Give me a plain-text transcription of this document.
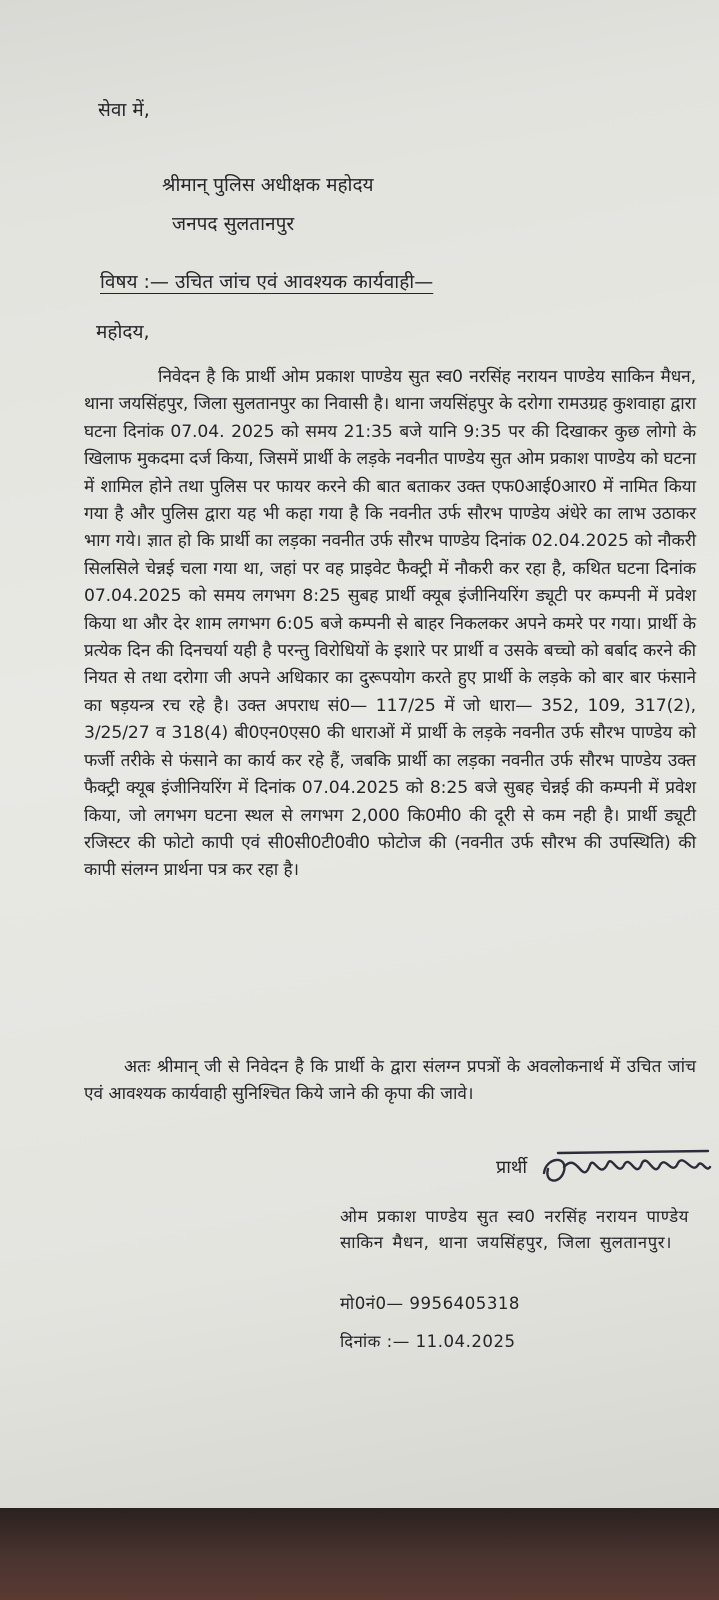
सेवा में,
श्रीमान् पुलिस अधीक्षक महोदय
जनपद सुलतानपुर
विषय :— उचित जांच एवं आवश्यक कार्यवाही—
महोदय,

निवेदन है कि प्रार्थी ओम प्रकाश पाण्डेय सुत स्व0 नरसिंह नरायन पाण्डेय साकिन मैधन, थाना जयसिंहपुर, जिला सुलतानपुर का निवासी है। थाना जयसिंहपुर के दरोगा रामउग्रह कुशवाहा द्वारा घटना दिनांक 07.04. 2025 को समय 21:35 बजे यानि 9:35 पर की दिखाकर कुछ लोगो के खिलाफ मुकदमा दर्ज किया, जिसमें प्रार्थी के लड़के नवनीत पाण्डेय सुत ओम प्रकाश पाण्डेय को घटना में शामिल होने तथा पुलिस पर फायर करने की बात बताकर उक्त एफ0आई0आर0 में नामित किया गया है और पुलिस द्वारा यह भी कहा गया है कि नवनीत उर्फ सौरभ पाण्डेय अंधेरे का लाभ उठाकर भाग गये। ज्ञात हो कि प्रार्थी का लड़का नवनीत उर्फ सौरभ पाण्डेय दिनांक 02.04.2025 को नौकरी सिलसिले चेन्नई चला गया था, जहां पर वह प्राइवेट फैक्ट्री में नौकरी कर रहा है, कथित घटना दिनांक 07.04.2025 को समय लगभग 8:25 सुबह प्रार्थी क्यूब इंजीनियरिंग ड्यूटी पर कम्पनी में प्रवेश किया था और देर शाम लगभग 6:05 बजे कम्पनी से बाहर निकलकर अपने कमरे पर गया। प्रार्थी के प्रत्येक दिन की दिनचर्या यही है परन्तु विरोधियों के इशारे पर प्रार्थी व उसके बच्चो को बर्बाद करने की नियत से तथा दरोगा जी अपने अधिकार का दुरूपयोग करते हुए प्रार्थी के लड़के को बार बार फंसाने का षड़यन्त्र रच रहे है। उक्त अपराध सं0— 117/25 में जो धारा— 352, 109, 317(2), 3/25/27 व 318(4) बी0एन0एस0 की धाराओं में प्रार्थी के लड़के नवनीत उर्फ सौरभ पाण्डेय को फर्जी तरीके से फंसाने का कार्य कर रहे हैं, जबकि प्रार्थी का लड़का नवनीत उर्फ सौरभ पाण्डेय उक्त फैक्ट्री क्यूब इंजीनियरिंग में दिनांक 07.04.2025 को 8:25 बजे सुबह चेन्नई की कम्पनी में प्रवेश किया, जो लगभग घटना स्थल से लगभग 2,000 कि0मी0 की दूरी से कम नही है। प्रार्थी ड्यूटी रजिस्टर की फोटो कापी एवं सी0सी0टी0वी0 फोटोज की (नवनीत उर्फ सौरभ की उपस्थिति) की कापी संलग्न प्रार्थना पत्र कर रहा है।

अतः श्रीमान् जी से निवेदन है कि प्रार्थी के द्वारा संलग्न प्रपत्रों के अवलोकनार्थ में उचित जांच एवं आवश्यक कार्यवाही सुनिश्चित किये जाने की कृपा की जावे।

प्रार्थी
ओम प्रकाश पाण्डेय सुत स्व0 नरसिंह नरायन पाण्डेय साकिन मैधन, थाना जयसिंहपुर, जिला सुलतानपुर।
मो0नं0— 9956405318
दिनांक :— 11.04.2025
